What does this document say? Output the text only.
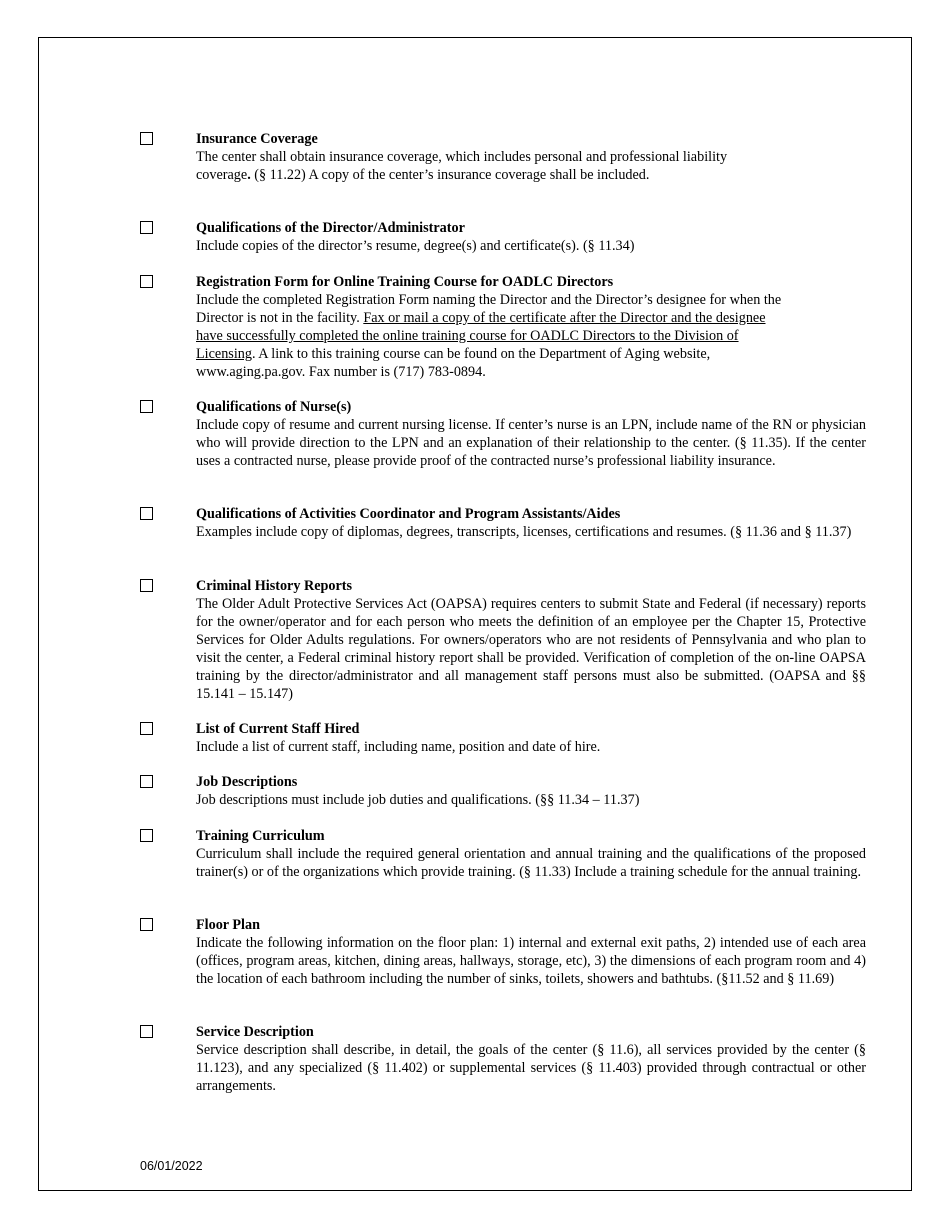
Insurance Coverage
The center shall obtain insurance coverage, which includes personal and professional liability coverage. (§ 11.22) A copy of the center’s insurance coverage shall be included.
Qualifications of the Director/Administrator
Include copies of the director’s resume, degree(s) and certificate(s). (§ 11.34)
Registration Form for Online Training Course for OADLC Directors
Include the completed Registration Form naming the Director and the Director’s designee for when the Director is not in the facility. Fax or mail a copy of the certificate after the Director and the designee have successfully completed the online training course for OADLC Directors to the Division of Licensing. A link to this training course can be found on the Department of Aging website, www.aging.pa.gov. Fax number is (717) 783-0894.
Qualifications of Nurse(s)
Include copy of resume and current nursing license. If center’s nurse is an LPN, include name of the RN or physician who will provide direction to the LPN and an explanation of their relationship to the center. (§ 11.35). If the center uses a contracted nurse, please provide proof of the contracted nurse’s professional liability insurance.
Qualifications of Activities Coordinator and Program Assistants/Aides
Examples include copy of diplomas, degrees, transcripts, licenses, certifications and resumes. (§ 11.36 and § 11.37)
Criminal History Reports
The Older Adult Protective Services Act (OAPSA) requires centers to submit State and Federal (if necessary) reports for the owner/operator and for each person who meets the definition of an employee per the Chapter 15, Protective Services for Older Adults regulations. For owners/operators who are not residents of Pennsylvania and who plan to visit the center, a Federal criminal history report shall be provided. Verification of completion of the on-line OAPSA training by the director/administrator and all management staff persons must also be submitted. (OAPSA and §§ 15.141 – 15.147)
List of Current Staff Hired
Include a list of current staff, including name, position and date of hire.
Job Descriptions
Job descriptions must include job duties and qualifications. (§§ 11.34 – 11.37)
Training Curriculum
Curriculum shall include the required general orientation and annual training and the qualifications of the proposed trainer(s) or of the organizations which provide training. (§ 11.33) Include a training schedule for the annual training.
Floor Plan
Indicate the following information on the floor plan: 1) internal and external exit paths, 2) intended use of each area (offices, program areas, kitchen, dining areas, hallways, storage, etc), 3) the dimensions of each program room and 4) the location of each bathroom including the number of sinks, toilets, showers and bathtubs. (§11.52 and § 11.69)
Service Description
Service description shall describe, in detail, the goals of the center (§ 11.6), all services provided by the center (§ 11.123), and any specialized (§ 11.402) or supplemental services (§ 11.403) provided through contractual or other arrangements.
06/01/2022
